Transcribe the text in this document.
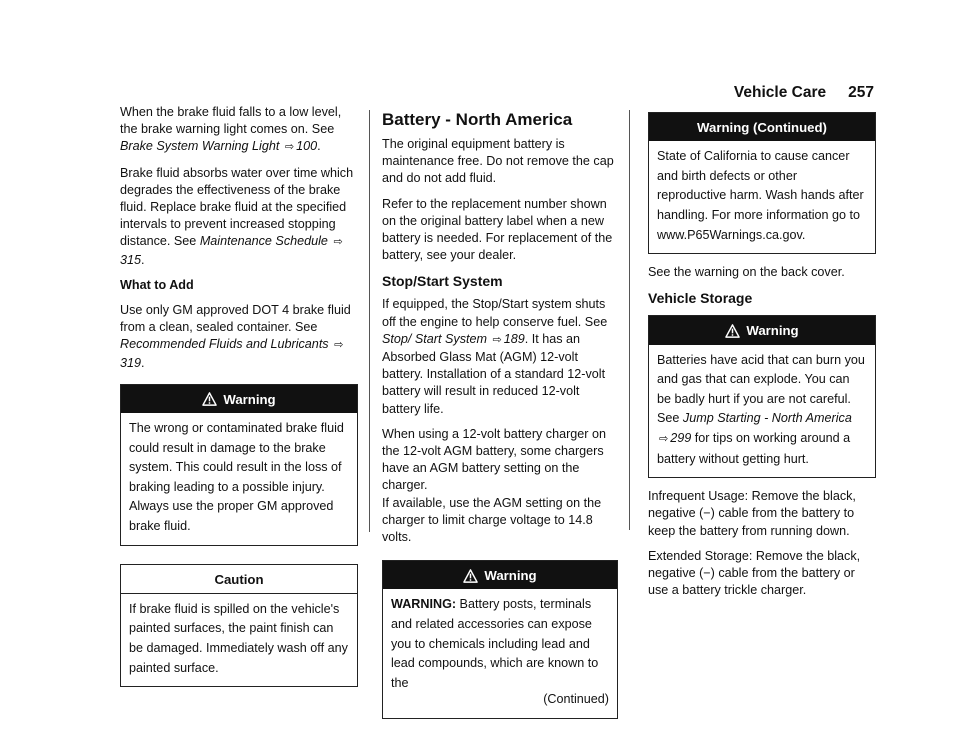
Vehicle Care 257

When the brake fluid falls to a low level, the brake warning light comes on. See Brake System Warning Light ⇨ 100.

Brake fluid absorbs water over time which degrades the effectiveness of the brake fluid. Replace brake fluid at the specified intervals to prevent increased stopping distance. See Maintenance Schedule ⇨315.

What to Add

Use only GM approved DOT 4 brake fluid from a clean, sealed container. See Recommended Fluids and Lubricants ⇨319.

Warning
The wrong or contaminated brake fluid could result in damage to the brake system. This could result in the loss of braking leading to a possible injury. Always use the proper GM approved brake fluid.
Caution
If brake fluid is spilled on the vehicle's painted surfaces, the paint finish can be damaged. Immediately wash off any painted surface.
Battery - North America

The original equipment battery is maintenance free. Do not remove the cap and do not add fluid.

Refer to the replacement number shown on the original battery label when a new battery is needed. For replacement of the battery, see your dealer.

Stop/Start System

If equipped, the Stop/Start system shuts off the engine to help conserve fuel. See Stop/ Start System ⇨ 189. It has an Absorbed Glass Mat (AGM) 12-volt battery. Installation of a standard 12-volt battery will result in reduced 12-volt battery life.

When using a 12-volt battery charger on the 12-volt AGM battery, some chargers have an AGM battery setting on the charger.

If available, use the AGM setting on the charger to limit charge voltage to 14.8 volts.

Warning
WARNING: Battery posts, terminals and related accessories can expose you to chemicals including lead and lead compounds, which are known to the
(Continued)
Warning (Continued)
State of California to cause cancer and birth defects or other reproductive harm. Wash hands after handling. For more information go to www.P65Warnings.ca.gov.

See the warning on the back cover.

Vehicle Storage
Warning
Batteries have acid that can burn you and gas that can explode. You can be badly hurt if you are not careful. See Jump Starting - North America ⇨ 299 for tips on working around a battery without getting hurt.

Infrequent Usage: Remove the black, negative (−) cable from the battery to keep the battery from running down.

Extended Storage: Remove the black, negative (−) cable from the battery or use a battery trickle charger.
